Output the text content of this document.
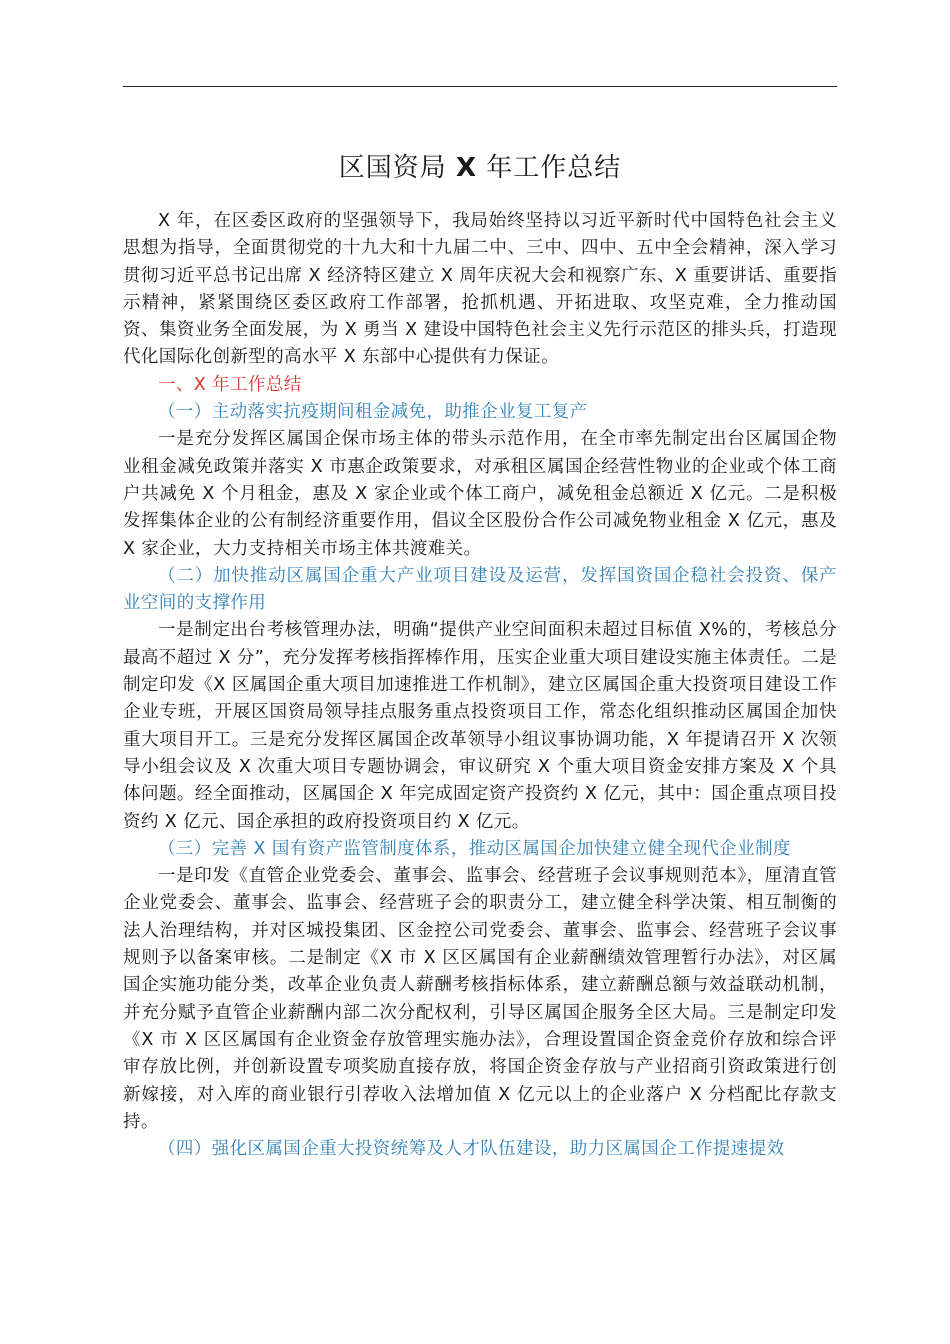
区国资局 X 年工作总结

X 年，在区委区政府的坚强领导下，我局始终坚持以习近平新时代中国特色社会主义思想为指导，全面贯彻党的十九大和十九届二中、三中、四中、五中全会精神，深入学习贯彻习近平总书记出席 X 经济特区建立 X 周年庆祝大会和视察广东、X 重要讲话、重要指示精神，紧紧围绕区委区政府工作部署，抢抓机遇、开拓进取、攻坚克难，全力推动国资、集资业务全面发展，为 X 勇当 X 建设中国特色社会主义先行示范区的排头兵，打造现代化国际化创新型的高水平 X 东部中心提供有力保证。

一、X 年工作总结

（一）主动落实抗疫期间租金减免，助推企业复工复产

一是充分发挥区属国企保市场主体的带头示范作用，在全市率先制定出台区属国企物业租金减免政策并落实 X 市惠企政策要求，对承租区属国企经营性物业的企业或个体工商户共减免 X 个月租金，惠及 X 家企业或个体工商户，减免租金总额近 X 亿元。二是积极发挥集体企业的公有制经济重要作用，倡议全区股份合作公司减免物业租金 X 亿元，惠及 X 家企业，大力支持相关市场主体共渡难关。

（二）加快推动区属国企重大产业项目建设及运营，发挥国资国企稳社会投资、保产业空间的支撑作用

一是制定出台考核管理办法，明确“提供产业空间面积未超过目标值 X%的，考核总分最高不超过 X 分”，充分发挥考核指挥棒作用，压实企业重大项目建设实施主体责任。二是制定印发《X 区属国企重大项目加速推进工作机制》，建立区属国企重大投资项目建设工作企业专班，开展区国资局领导挂点服务重点投资项目工作，常态化组织推动区属国企加快重大项目开工。三是充分发挥区属国企改革领导小组议事协调功能，X 年提请召开 X 次领导小组会议及 X 次重大项目专题协调会，审议研究 X 个重大项目资金安排方案及 X 个具体问题。经全面推动，区属国企 X 年完成固定资产投资约 X 亿元，其中：国企重点项目投资约 X 亿元、国企承担的政府投资项目约 X 亿元。

（三）完善 X 国有资产监管制度体系，推动区属国企加快建立健全现代企业制度

一是印发《直管企业党委会、董事会、监事会、经营班子会议事规则范本》，厘清直管企业党委会、董事会、监事会、经营班子会的职责分工，建立健全科学决策、相互制衡的法人治理结构，并对区城投集团、区金控公司党委会、董事会、监事会、经营班子会议事规则予以备案审核。二是制定《X 市 X 区区属国有企业薪酬绩效管理暂行办法》，对区属国企实施功能分类，改革企业负责人薪酬考核指标体系，建立薪酬总额与效益联动机制，并充分赋予直管企业薪酬内部二次分配权利，引导区属国企服务全区大局。三是制定印发《X 市 X 区区属国有企业资金存放管理实施办法》，合理设置国企资金竞价存放和综合评审存放比例，并创新设置专项奖励直接存放，将国企资金存放与产业招商引资政策进行创新嫁接，对入库的商业银行引荐收入法增加值 X 亿元以上的企业落户 X 分档配比存款支持。

（四）强化区属国企重大投资统筹及人才队伍建设，助力区属国企工作提速提效
